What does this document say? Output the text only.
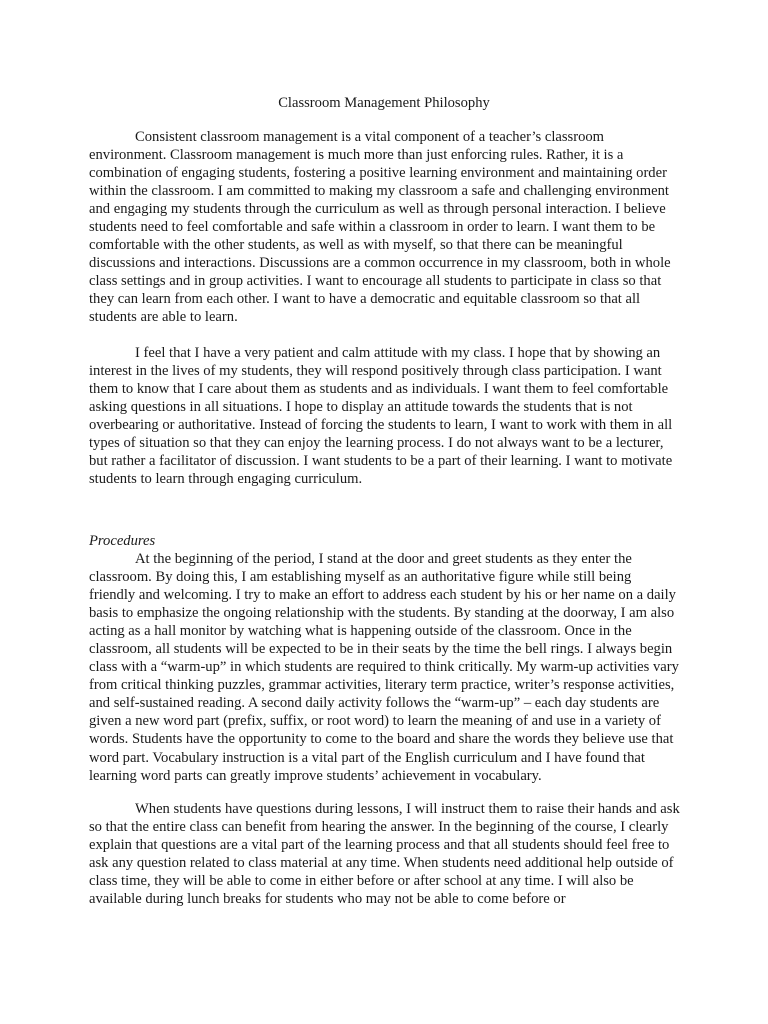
Classroom Management Philosophy

Consistent classroom management is a vital component of a teacher’s classroom environment. Classroom management is much more than just enforcing rules. Rather, it is a combination of engaging students, fostering a positive learning environment and maintaining order within the classroom. I am committed to making my classroom a safe and challenging environment and engaging my students through the curriculum as well as through personal interaction. I believe students need to feel comfortable and safe within a classroom in order to learn. I want them to be comfortable with the other students, as well as with myself, so that there can be meaningful discussions and interactions. Discussions are a common occurrence in my classroom, both in whole class settings and in group activities. I want to encourage all students to participate in class so that they can learn from each other. I want to have a democratic and equitable classroom so that all students are able to learn.

I feel that I have a very patient and calm attitude with my class. I hope that by showing an interest in the lives of my students, they will respond positively through class participation. I want them to know that I care about them as students and as individuals. I want them to feel comfortable asking questions in all situations. I hope to display an attitude towards the students that is not overbearing or authoritative. Instead of forcing the students to learn, I want to work with them in all types of situation so that they can enjoy the learning process. I do not always want to be a lecturer, but rather a facilitator of discussion. I want students to be a part of their learning. I want to motivate students to learn through engaging curriculum.

Procedures

At the beginning of the period, I stand at the door and greet students as they enter the classroom. By doing this, I am establishing myself as an authoritative figure while still being friendly and welcoming. I try to make an effort to address each student by his or her name on a daily basis to emphasize the ongoing relationship with the students. By standing at the doorway, I am also acting as a hall monitor by watching what is happening outside of the classroom. Once in the classroom, all students will be expected to be in their seats by the time the bell rings. I always begin class with a “warm-up” in which students are required to think critically. My warm-up activities vary from critical thinking puzzles, grammar activities, literary term practice, writer’s response activities, and self-sustained reading. A second daily activity follows the “warm-up” – each day students are given a new word part (prefix, suffix, or root word) to learn the meaning of and use in a variety of words. Students have the opportunity to come to the board and share the words they believe use that word part. Vocabulary instruction is a vital part of the English curriculum and I have found that learning word parts can greatly improve students’ achievement in vocabulary.

When students have questions during lessons, I will instruct them to raise their hands and ask so that the entire class can benefit from hearing the answer. In the beginning of the course, I clearly explain that questions are a vital part of the learning process and that all students should feel free to ask any question related to class material at any time. When students need additional help outside of class time, they will be able to come in either before or after school at any time. I will also be available during lunch breaks for students who may not be able to come before or
